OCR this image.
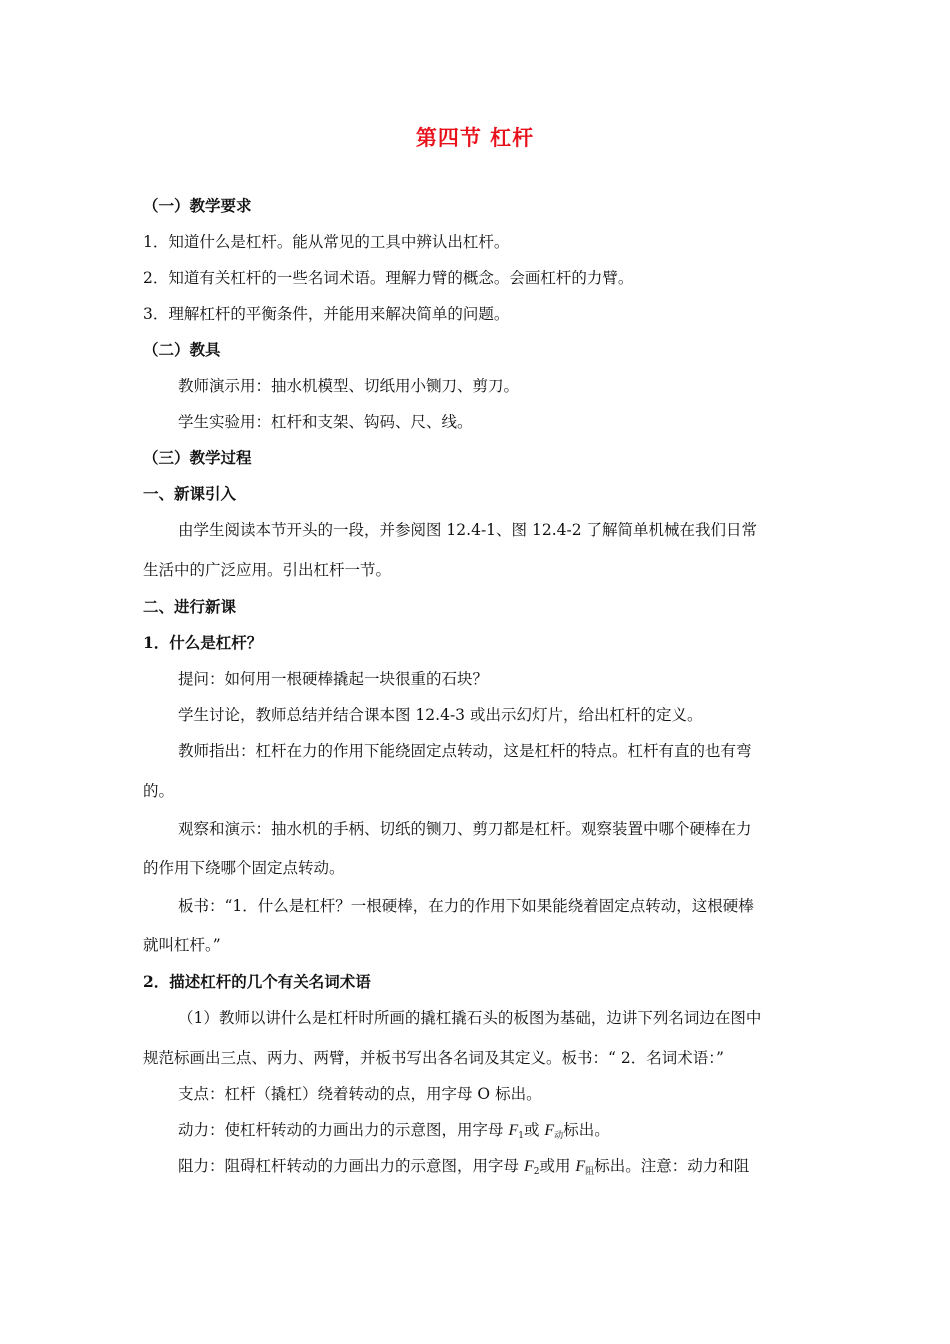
第四节 杠杆
（一）教学要求
1．知道什么是杠杆。能从常见的工具中辨认出杠杆。
2．知道有关杠杆的一些名词术语。理解力臂的概念。会画杠杆的力臂。
3．理解杠杆的平衡条件，并能用来解决简单的问题。
（二）教具
教师演示用：抽水机模型、切纸用小铡刀、剪刀。
学生实验用：杠杆和支架、钩码、尺、线。
（三）教学过程
一、新课引入
由学生阅读本节开头的一段，并参阅图 12.4-1、图 12.4-2 了解简单机械在我们日常
生活中的广泛应用。引出杠杆一节。
二、进行新课
1．什么是杠杆？
提问：如何用一根硬棒撬起一块很重的石块？
学生讨论，教师总结并结合课本图 12.4-3 或出示幻灯片，给出杠杆的定义。
教师指出：杠杆在力的作用下能绕固定点转动，这是杠杆的特点。杠杆有直的也有弯
的。
观察和演示：抽水机的手柄、切纸的铡刀、剪刀都是杠杆。观察装置中哪个硬棒在力
的作用下绕哪个固定点转动。
板书：“1．什么是杠杆？一根硬棒，在力的作用下如果能绕着固定点转动，这根硬棒
就叫杠杆。”
2．描述杠杆的几个有关名词术语
（1）教师以讲什么是杠杆时所画的撬杠撬石头的板图为基础，边讲下列名词边在图中
规范标画出三点、两力、两臂，并板书写出各名词及其定义。板书：“ 2．名词术语：”
支点：杠杆（撬杠）绕着转动的点，用字母 O 标出。
动力：使杠杆转动的力画出力的示意图，用字母 $F_1$或 $F_动$标出。
阻力：阻碍杠杆转动的力画出力的示意图，用字母 $F_2$或用 $F_阻$标出。注意：动力和阻
